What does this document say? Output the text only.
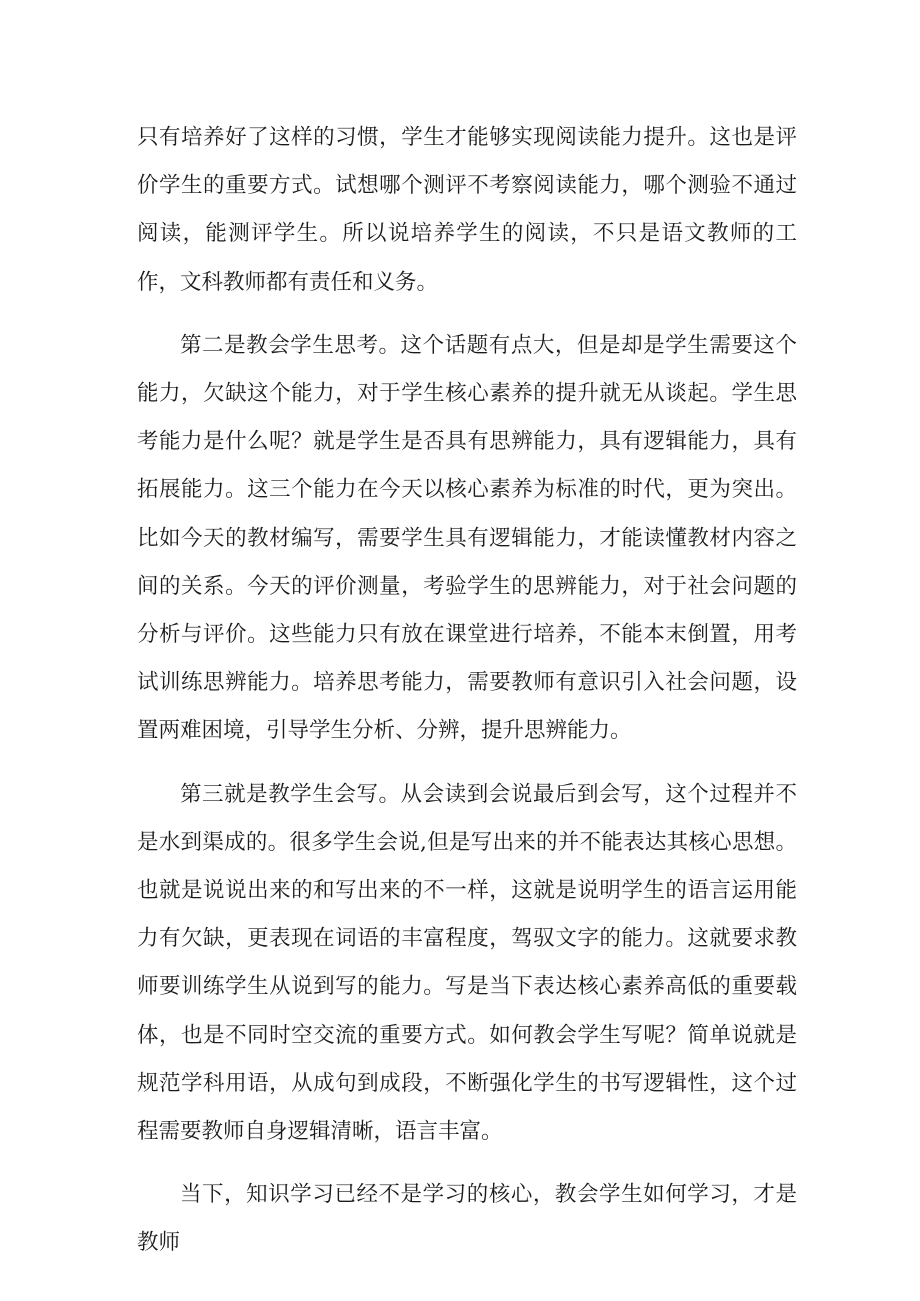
只有培养好了这样的习惯，学生才能够实现阅读能力提升。这也是评价学生的重要方式。试想哪个测评不考察阅读能力，哪个测验不通过阅读，能测评学生。所以说培养学生的阅读，不只是语文教师的工作，文科教师都有责任和义务。

第二是教会学生思考。这个话题有点大，但是却是学生需要这个能力，欠缺这个能力，对于学生核心素养的提升就无从谈起。学生思考能力是什么呢？就是学生是否具有思辨能力，具有逻辑能力，具有拓展能力。这三个能力在今天以核心素养为标准的时代，更为突出。比如今天的教材编写，需要学生具有逻辑能力，才能读懂教材内容之间的关系。今天的评价测量，考验学生的思辨能力，对于社会问题的分析与评价。这些能力只有放在课堂进行培养，不能本末倒置，用考试训练思辨能力。培养思考能力，需要教师有意识引入社会问题，设置两难困境，引导学生分析、分辨，提升思辨能力。

第三就是教学生会写。从会读到会说最后到会写，这个过程并不是水到渠成的。很多学生会说,但是写出来的并不能表达其核心思想。也就是说说出来的和写出来的不一样，这就是说明学生的语言运用能力有欠缺，更表现在词语的丰富程度，驾驭文字的能力。这就要求教师要训练学生从说到写的能力。写是当下表达核心素养高低的重要载体，也是不同时空交流的重要方式。如何教会学生写呢？简单说就是规范学科用语，从成句到成段，不断强化学生的书写逻辑性，这个过程需要教师自身逻辑清晰，语言丰富。

当下，知识学习已经不是学习的核心，教会学生如何学习，才是教师
